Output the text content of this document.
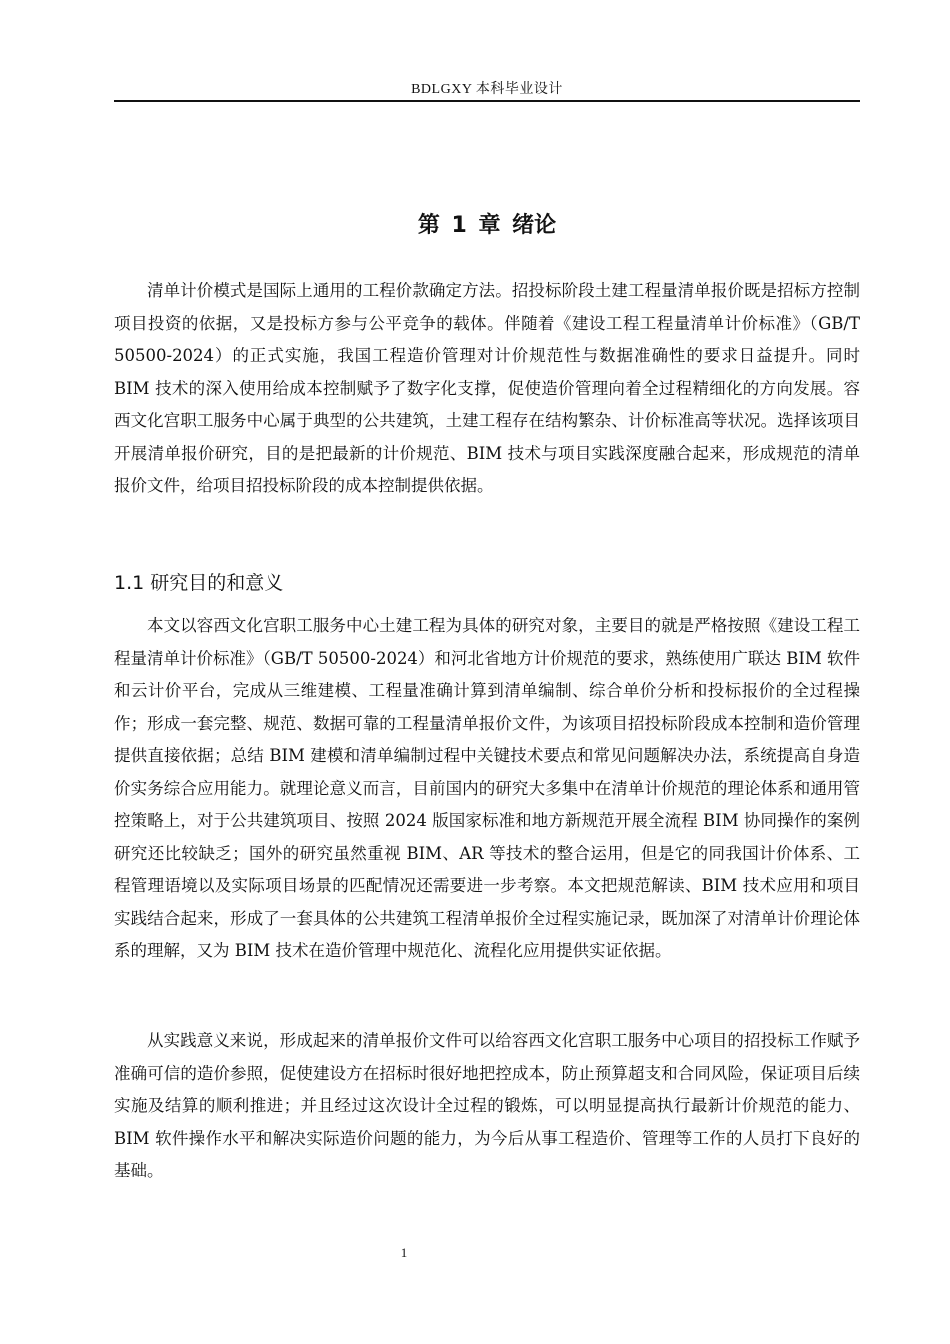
BDLGXY 本科毕业设计
第 1 章 绪论

清单计价模式是国际上通用的工程价款确定方法。招投标阶段土建工程量清单报价既是招标方控制项目投资的依据，又是投标方参与公平竞争的载体。伴随着《建设工程工程量清单计价标准》（GB/T 50500-2024）的正式实施，我国工程造价管理对计价规范性与数据准确性的要求日益提升。同时 BIM 技术的深入使用给成本控制赋予了数字化支撑，促使造价管理向着全过程精细化的方向发展。容西文化宫职工服务中心属于典型的公共建筑，土建工程存在结构繁杂、计价标准高等状况。选择该项目开展清单报价研究，目的是把最新的计价规范、BIM 技术与项目实践深度融合起来，形成规范的清单报价文件，给项目招投标阶段的成本控制提供依据。

1.1 研究目的和意义

本文以容西文化宫职工服务中心土建工程为具体的研究对象，主要目的就是严格按照《建设工程工程量清单计价标准》（GB/T 50500-2024）和河北省地方计价规范的要求，熟练使用广联达 BIM 软件和云计价平台，完成从三维建模、工程量准确计算到清单编制、综合单价分析和投标报价的全过程操作；形成一套完整、规范、数据可靠的工程量清单报价文件，为该项目招投标阶段成本控制和造价管理提供直接依据；总结 BIM 建模和清单编制过程中关键技术要点和常见问题解决办法，系统提高自身造价实务综合应用能力。就理论意义而言，目前国内的研究大多集中在清单计价规范的理论体系和通用管控策略上，对于公共建筑项目、按照 2024 版国家标准和地方新规范开展全流程 BIM 协同操作的案例研究还比较缺乏；国外的研究虽然重视 BIM、AR 等技术的整合运用，但是它的同我国计价体系、工程管理语境以及实际项目场景的匹配情况还需要进一步考察。本文把规范解读、BIM 技术应用和项目实践结合起来，形成了一套具体的公共建筑工程清单报价全过程实施记录，既加深了对清单计价理论体系的理解，又为 BIM 技术在造价管理中规范化、流程化应用提供实证依据。

从实践意义来说，形成起来的清单报价文件可以给容西文化宫职工服务中心项目的招投标工作赋予准确可信的造价参照，促使建设方在招标时很好地把控成本，防止预算超支和合同风险，保证项目后续实施及结算的顺利推进；并且经过这次设计全过程的锻炼，可以明显提高执行最新计价规范的能力、BIM 软件操作水平和解决实际造价问题的能力，为今后从事工程造价、管理等工作的人员打下良好的基础。

1
